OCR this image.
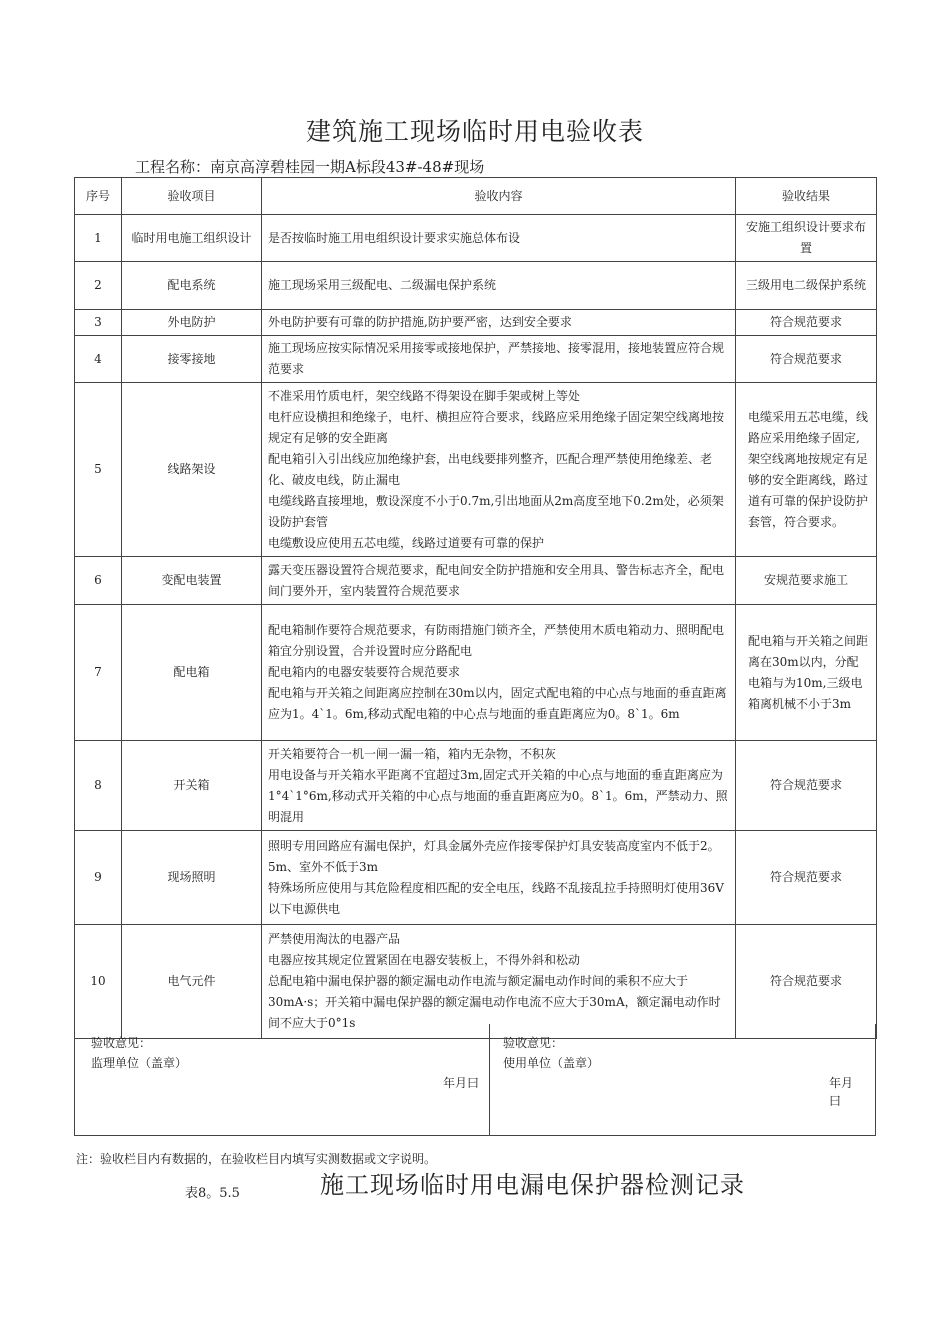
建筑施工现场临时用电验收表
工程名称：南京高淳碧桂园一期A标段43#-48#现场
序号	验收项目	验收内容	验收结果
1	临时用电施工组织设计	是否按临时施工用电组织设计要求实施总体布设	安施工组织设计要求布置
2	配电系统	施工现场采用三级配电、二级漏电保护系统	三级用电二级保护系统
3	外电防护	外电防护要有可靠的防护措施,防护要严密，达到安全要求	符合规范要求
4	接零接地	施工现场应按实际情况采用接零或接地保护，严禁接地、接零混用，接地装置应符合规范要求	符合规范要求
5	线路架设	不准采用竹质电杆，架空线路不得架设在脚手架或树上等处
电杆应设横担和绝缘子，电杆、横担应符合要求，线路应采用绝缘子固定架空线离地按规定有足够的安全距离
配电箱引入引出线应加绝缘护套，出电线要排列整齐，匹配合理严禁使用绝缘差、老化、破皮电线，防止漏电
电缆线路直接埋地，敷设深度不小于0.7m,引出地面从2m高度至地下0.2m处，必须架设防护套管
电缆敷设应使用五芯电缆，线路过道要有可靠的保护	电缆采用五芯电缆，线路应采用绝缘子固定,架空线离地按规定有足够的安全距离线，路过道有可靠的保护设防护套管，符合要求。
6	变配电装置	露天变压器设置符合规范要求，配电间安全防护措施和安全用具、警告标志齐全，配电间门要外开，室内装置符合规范要求	安规范要求施工
7	配电箱	配电箱制作要符合规范要求，有防雨措施门锁齐全，严禁使用木质电箱动力、照明配电箱宜分别设置，合并设置时应分路配电
配电箱内的电器安装要符合规范要求
配电箱与开关箱之间距离应控制在30m以内，固定式配电箱的中心点与地面的垂直距离应为1。4`1。6m,移动式配电箱的中心点与地面的垂直距离应为0。8`1。6m	配电箱与开关箱之间距离在30m以内，分配电箱与为10m,三级电箱离机械不小于3m
8	开关箱	开关箱要符合一机一闸一漏一箱，箱内无杂物，不积灰
用电设备与开关箱水平距离不宜超过3m,固定式开关箱的中心点与地面的垂直距离应为1°4`1°6m,移动式开关箱的中心点与地面的垂直距离应为0。8`1。6m，严禁动力、照明混用	符合规范要求
9	现场照明	照明专用回路应有漏电保护，灯具金属外壳应作接零保护灯具安装高度室内不低于2。5m、室外不低于3m
特殊场所应使用与其危险程度相匹配的安全电压，线路不乱接乱拉手持照明灯使用36V以下电源供电	符合规范要求
10	电气元件	严禁使用淘汰的电器产品
电器应按其规定位置紧固在电器安装板上，不得外斜和松动
总配电箱中漏电保护器的额定漏电动作电流与额定漏电动作时间的乘积不应大于30mA·s；开关箱中漏电保护器的额定漏电动作电流不应大于30mA，额定漏电动作时间不应大于0°1s	符合规范要求
验收意见：
监理单位（盖章）
年月曰
验收意见：
使用单位（盖章）
年月曰
注：验收栏目内有数据的，在验收栏目内填写实测数据或文字说明。
表8。5.5	施工现场临时用电漏电保护器检测记录
